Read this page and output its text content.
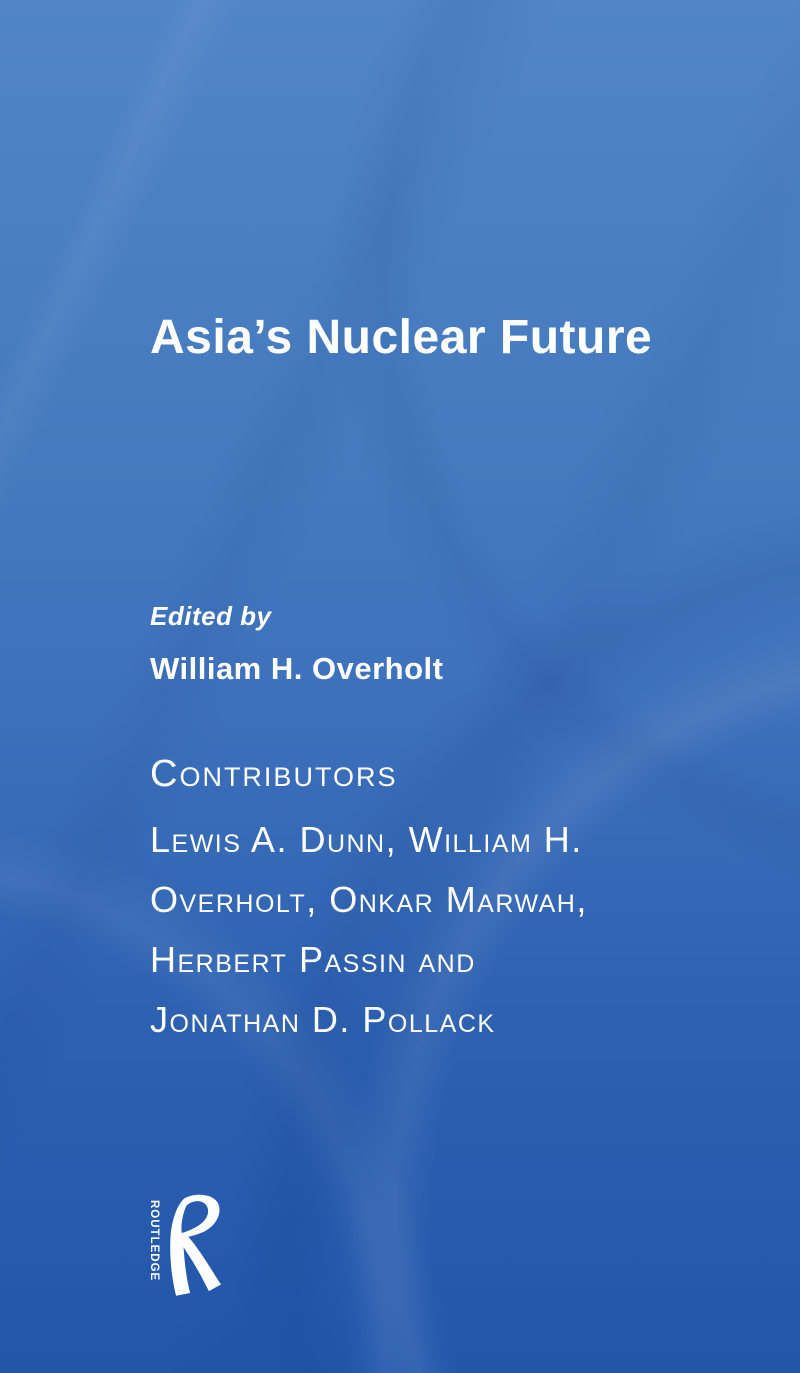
Asia’s Nuclear Future
Edited by
William H. Overholt
Contributors
Lewis A. Dunn, William H.
Overholt, Onkar Marwah,
Herbert Passin and
Jonathan D. Pollack
ROUTLEDGE
